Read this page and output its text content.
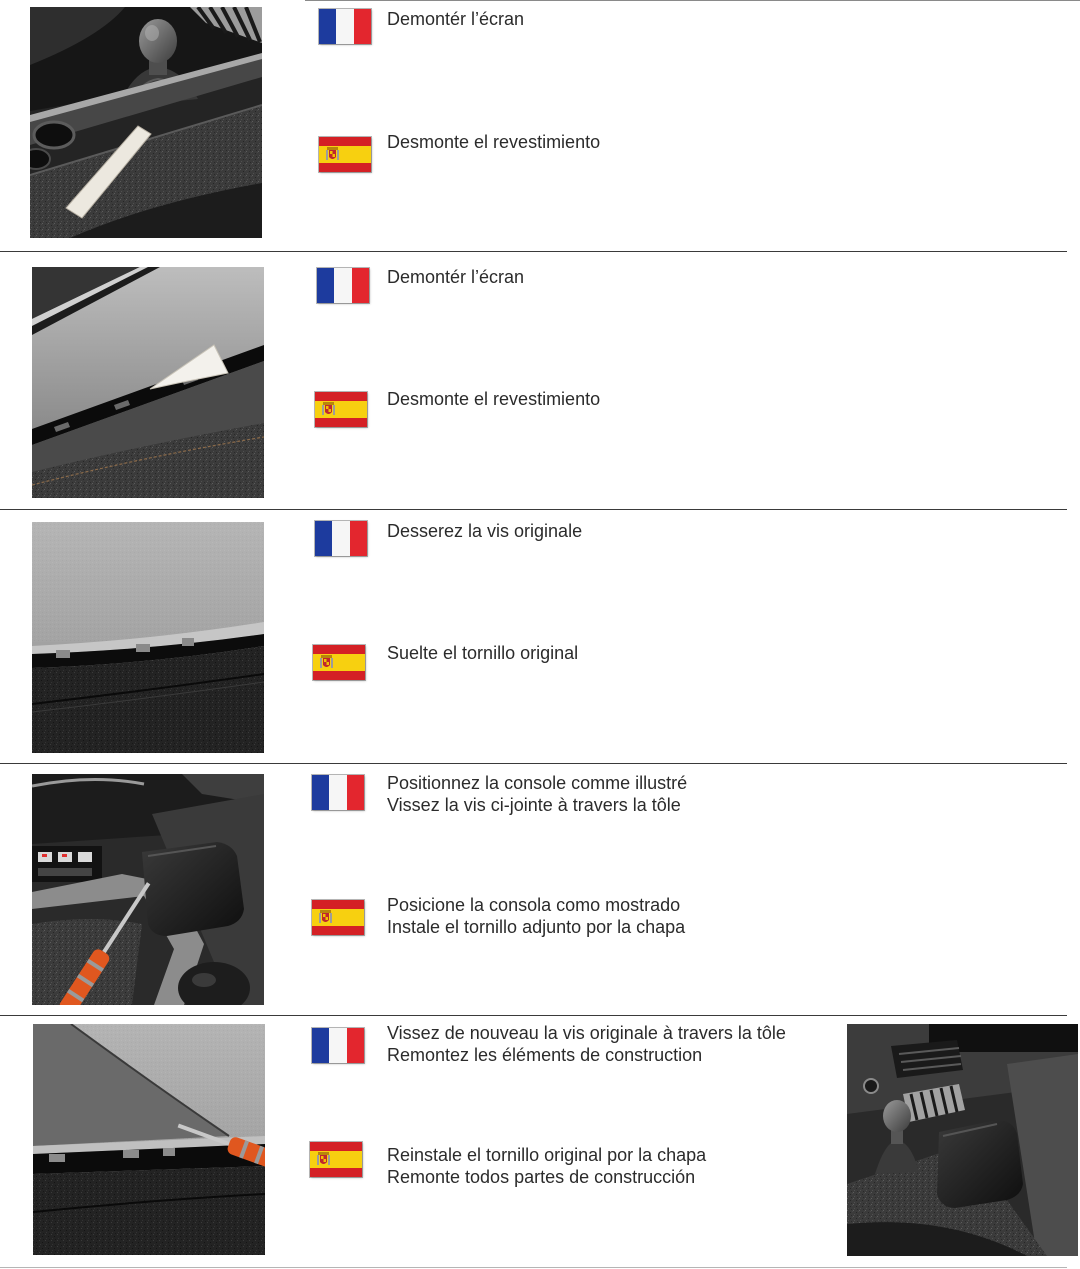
Demontér l’écran
Desmonte el revestimiento
Demontér l’écran
Desmonte el revestimiento
Desserez la vis originale
Suelte el tornillo original
Positionnez la console comme illustré
Vissez la vis ci-jointe à travers la tôle
Posicione la consola como mostrado
Instale el tornillo adjunto por la chapa
Vissez de nouveau la vis originale à travers la tôle
Remontez les éléments de construction
Reinstale el tornillo original por la chapa
Remonte todos partes de construcción
